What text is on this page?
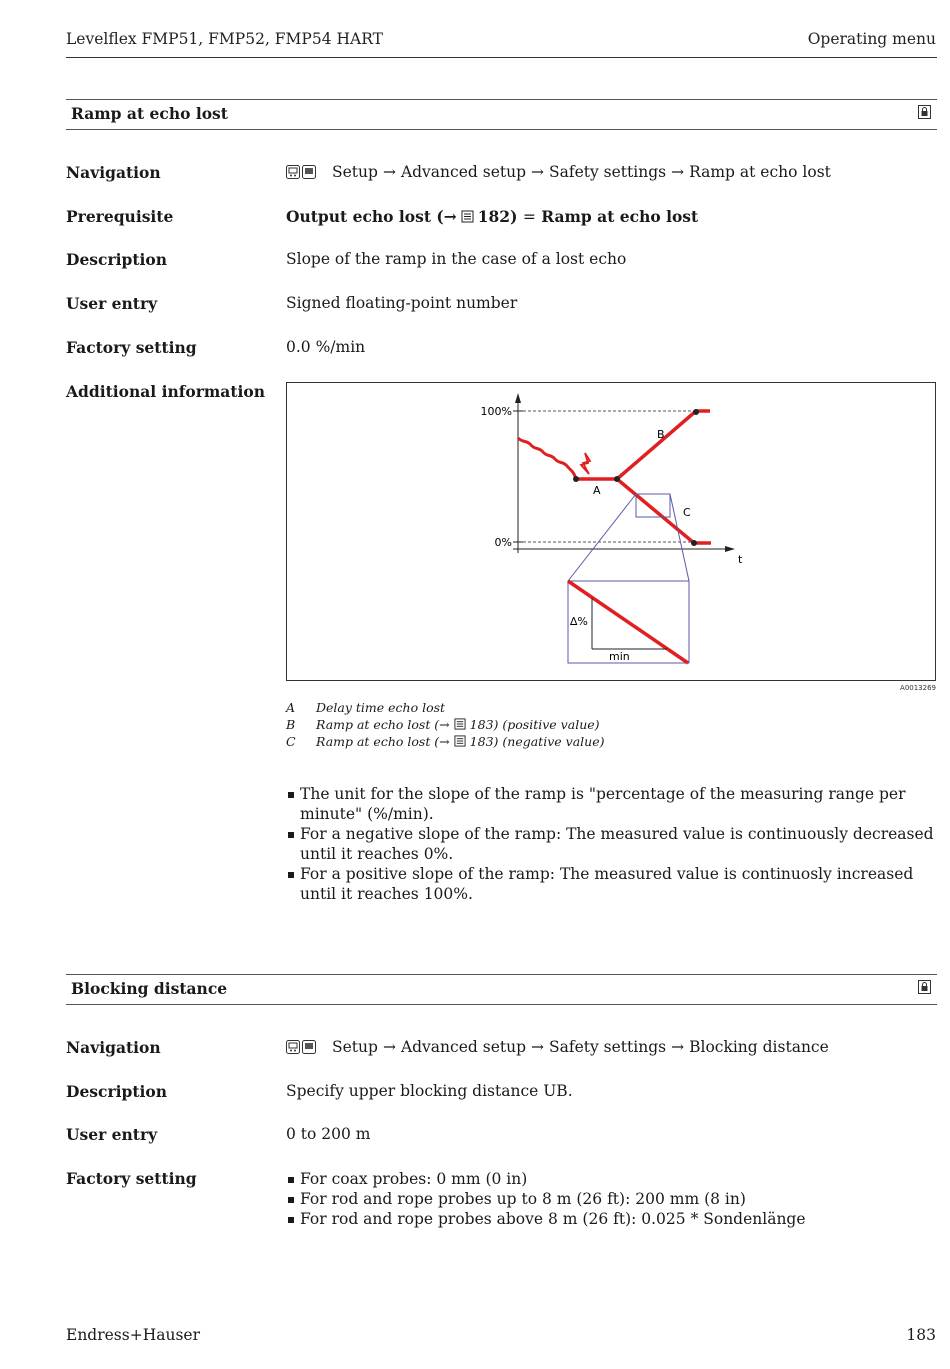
Levelflex FMP51, FMP52, FMP54 HART	Operating menu
Ramp at echo lost
Navigation	Setup → Advanced setup → Safety settings → Ramp at echo lost
Prerequisite	Output echo lost (→ 182) = Ramp at echo lost
Description	Slope of the ramp in the case of a lost echo
User entry	Signed floating-point number
Factory setting	0.0 %/min
Additional information
100%
0%
t
A
B
C
∆%
min
A0013269
A Delay time echo lost
B Ramp at echo lost (→ 183) (positive value)
C Ramp at echo lost (→ 183) (negative value)
The unit for the slope of the ramp is "percentage of the measuring range per minute" (%/min).
For a negative slope of the ramp: The measured value is continuously decreased until it reaches 0%.
For a positive slope of the ramp: The measured value is continuosly increased until it reaches 100%.
Blocking distance
Navigation	Setup → Advanced setup → Safety settings → Blocking distance
Description	Specify upper blocking distance UB.
User entry	0 to 200 m
Factory setting	For coax probes: 0 mm (0 in)
For rod and rope probes up to 8 m (26 ft): 200 mm (8 in)
For rod and rope probes above 8 m (26 ft): 0.025 * Sondenlänge
Endress+Hauser	183
